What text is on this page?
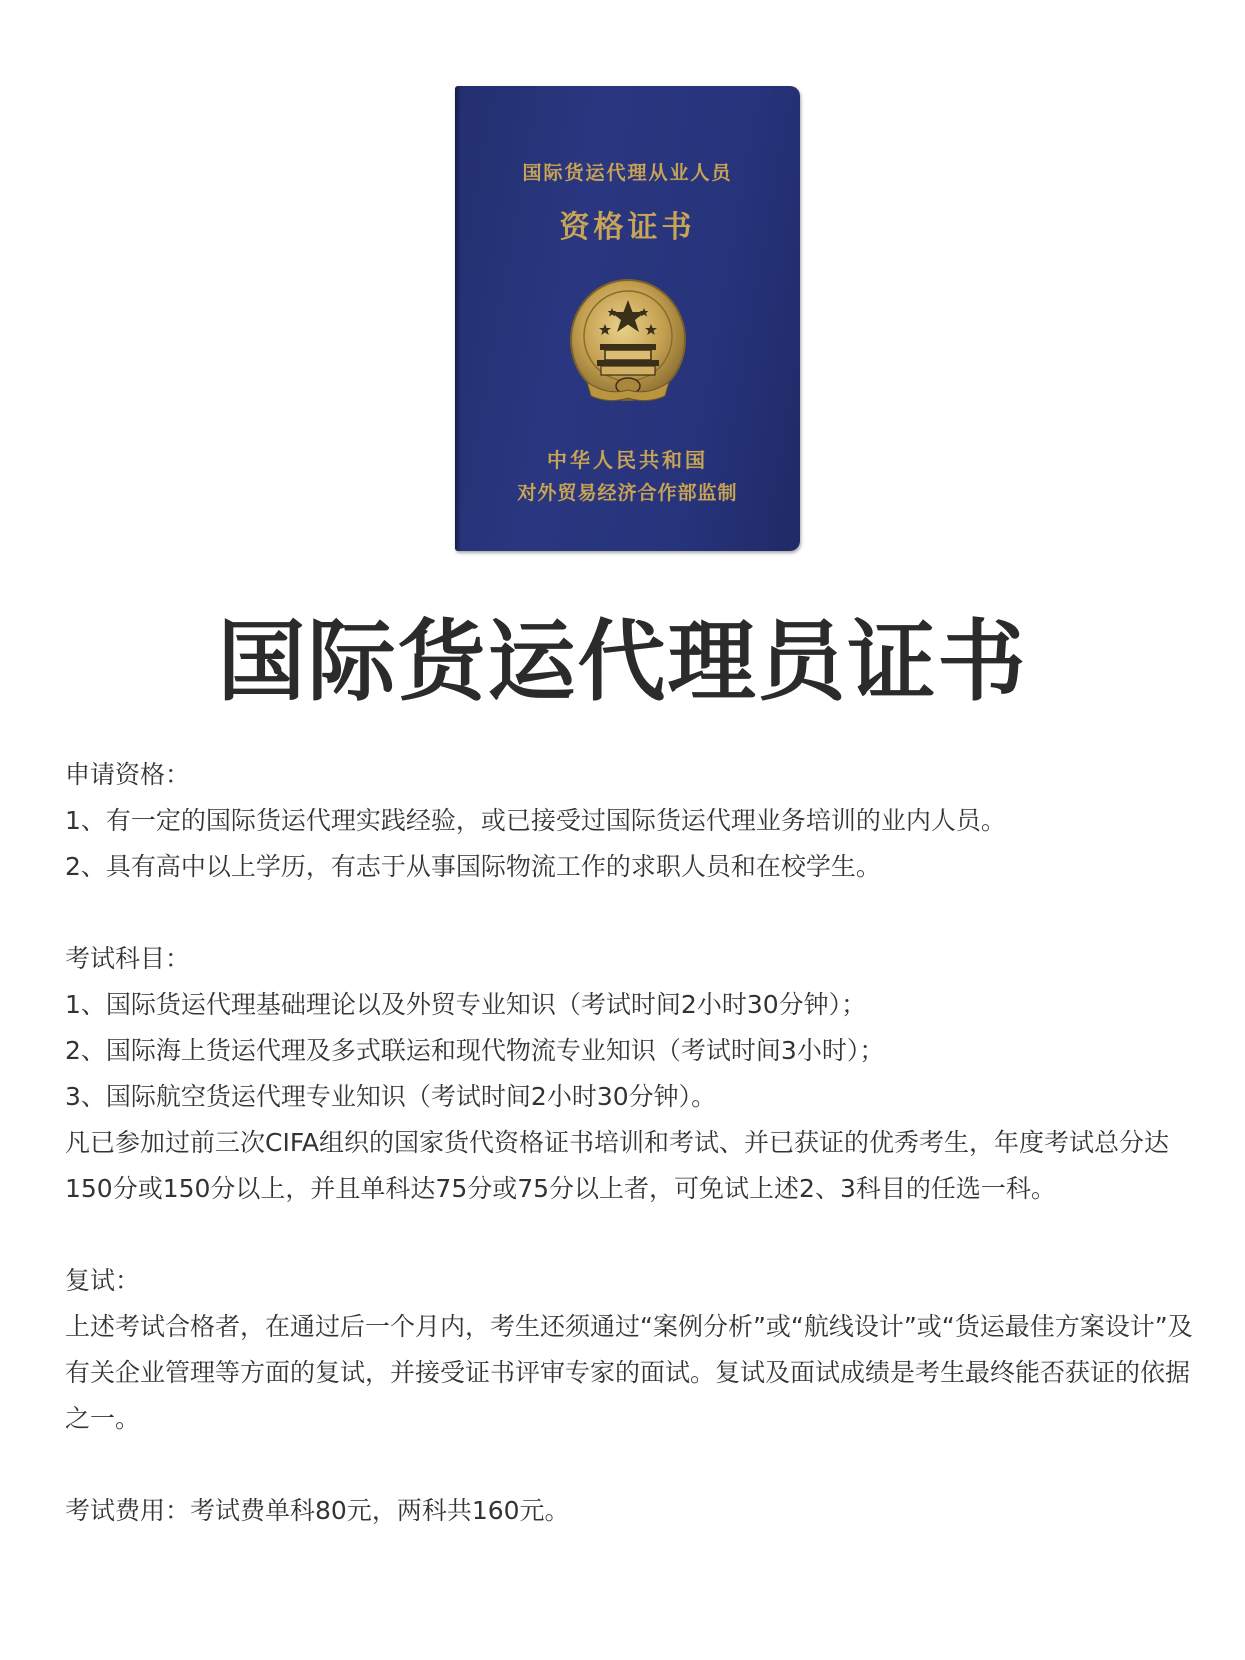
国际货运代理从业人员
资格证书
中华人民共和国
对外贸易经济合作部监制
国际货运代理员证书

申请资格：

1、有一定的国际货运代理实践经验，或已接受过国际货运代理业务培训的业内人员。

2、具有高中以上学历，有志于从事国际物流工作的求职人员和在校学生。

考试科目：

1、国际货运代理基础理论以及外贸专业知识（考试时间2小时30分钟）；

2、国际海上货运代理及多式联运和现代物流专业知识（考试时间3小时）；

3、国际航空货运代理专业知识（考试时间2小时30分钟）。

凡已参加过前三次CIFA组织的国家货代资格证书培训和考试、并已获证的优秀考生，年度考试总分达150分或150分以上，并且单科达75分或75分以上者，可免试上述2、3科目的任选一科。

复试：

上述考试合格者，在通过后一个月内，考生还须通过“案例分析”或“航线设计”或“货运最佳方案设计”及有关企业管理等方面的复试，并接受证书评审专家的面试。复试及面试成绩是考生最终能否获证的依据之一。

考试费用：考试费单科80元，两科共160元。
